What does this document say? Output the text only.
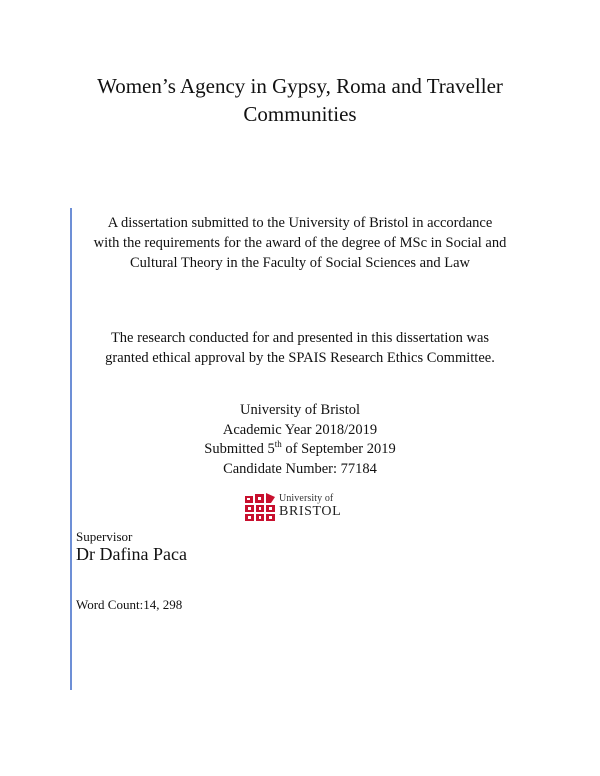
Women’s Agency in Gypsy, Roma and Traveller
Communities
A dissertation submitted to the University of Bristol in accordance
with the requirements for the award of the degree of MSc in Social and
Cultural Theory in the Faculty of Social Sciences and Law
The research conducted for and presented in this dissertation was
granted ethical approval by the SPAIS Research Ethics Committee.
University of Bristol
Academic Year 2018/2019
Submitted 5th of September 2019
Candidate Number: 77184
University of
BRISTOL
Supervisor
Dr Dafina Paca
Word Count:14, 298
